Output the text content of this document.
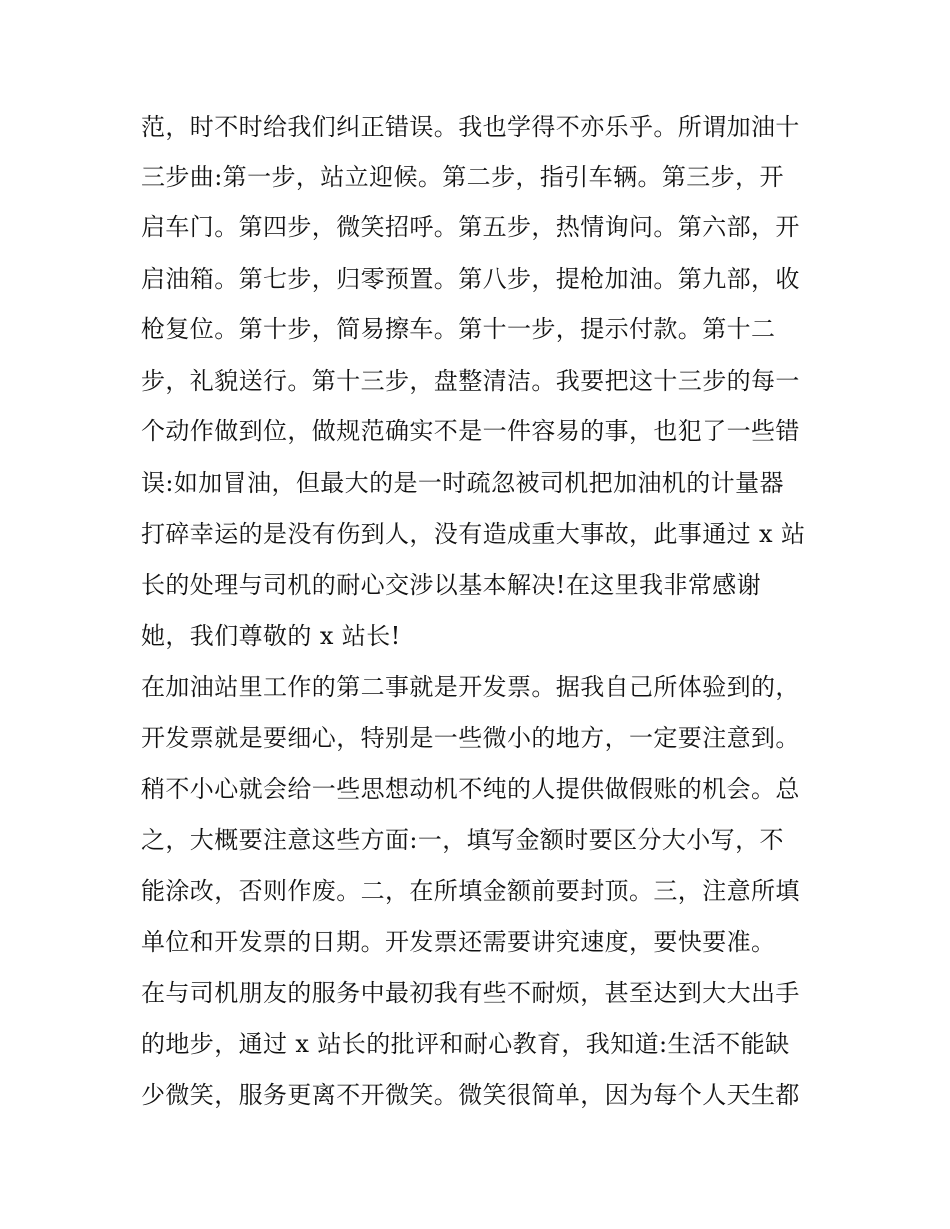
范，时不时给我们纠正错误。我也学得不亦乐乎。所谓加油十
三步曲:第一步，站立迎候。第二步，指引车辆。第三步，开
启车门。第四步，微笑招呼。第五步，热情询问。第六部，开
启油箱。第七步，归零预置。第八步，提枪加油。第九部，收
枪复位。第十步，简易擦车。第十一步，提示付款。第十二
步，礼貌送行。第十三步，盘整清洁。我要把这十三步的每一
个动作做到位，做规范确实不是一件容易的事，也犯了一些错
误:如加冒油，但最大的是一时疏忽被司机把加油机的计量器
打碎幸运的是没有伤到人，没有造成重大事故，此事通过 x 站
长的处理与司机的耐心交涉以基本解决!在这里我非常感谢
她，我们尊敬的 x 站长!
在加油站里工作的第二事就是开发票。据我自己所体验到的，
开发票就是要细心，特别是一些微小的地方，一定要注意到。
稍不小心就会给一些思想动机不纯的人提供做假账的机会。总
之，大概要注意这些方面:一，填写金额时要区分大小写，不
能涂改，否则作废。二，在所填金额前要封顶。三，注意所填
单位和开发票的日期。开发票还需要讲究速度，要快要准。
在与司机朋友的服务中最初我有些不耐烦，甚至达到大大出手
的地步，通过 x 站长的批评和耐心教育，我知道:生活不能缺
少微笑，服务更离不开微笑。微笑很简单，因为每个人天生都
